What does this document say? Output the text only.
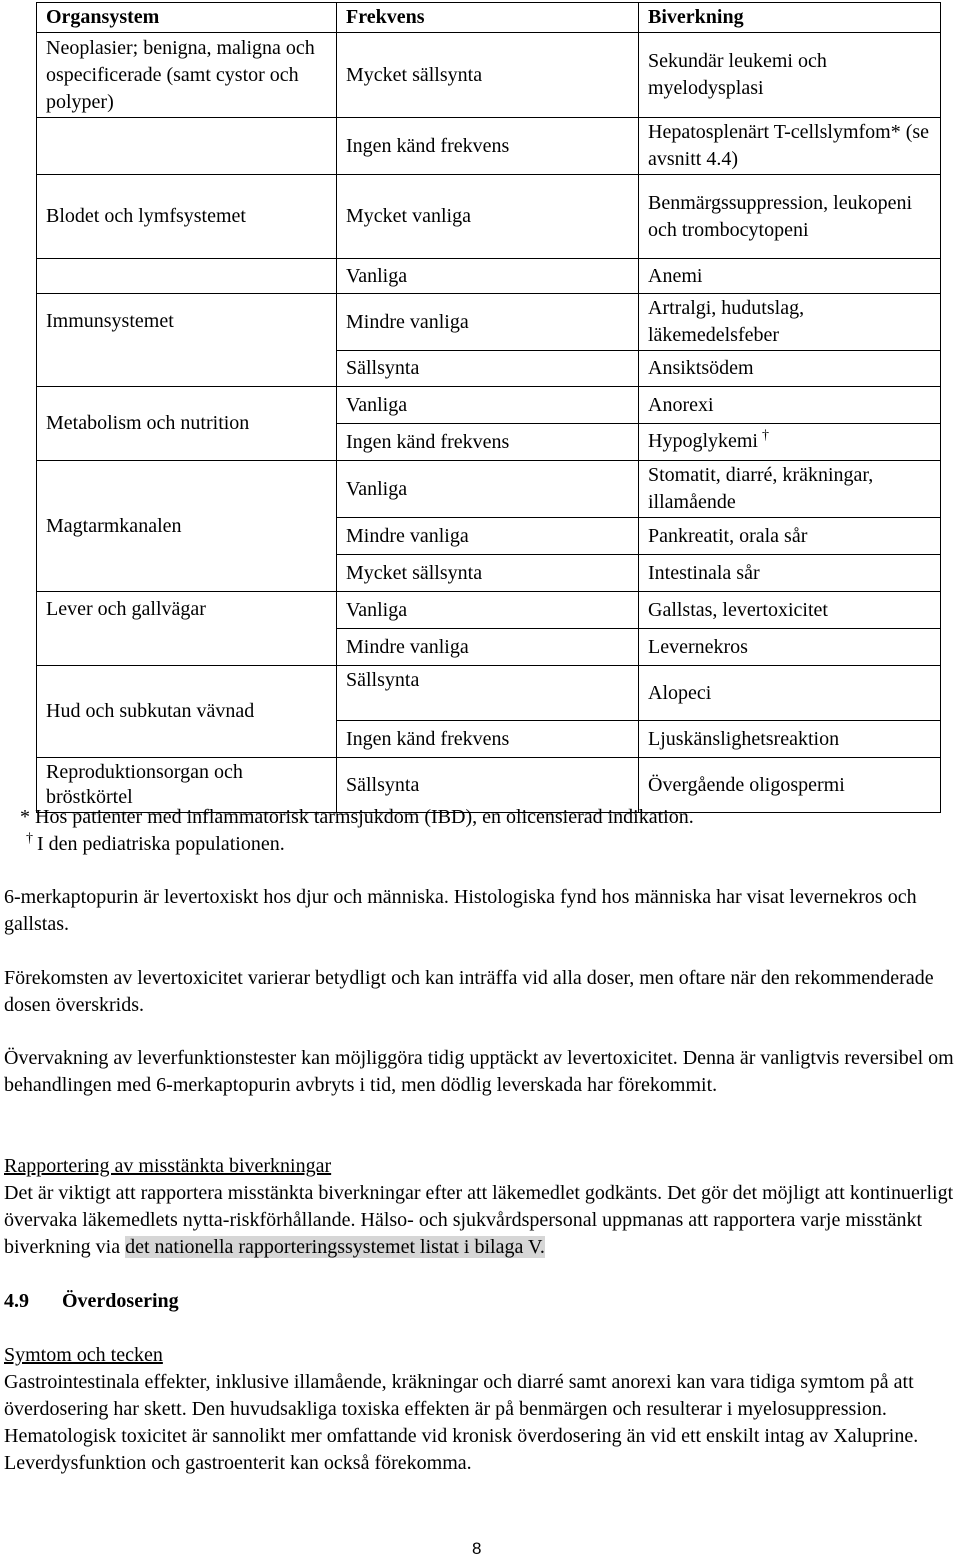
Organsystem	Frekvens	Biverkning
Neoplasier; benigna, maligna och ospecificerade (samt cystor och polyper)	Mycket sällsynta	Sekundär leukemi och myelodysplasi
	Ingen känd frekvens	Hepatosplenärt T-cellslymfom* (se avsnitt 4.4)
Blodet och lymfsystemet	Mycket vanliga	Benmärgssuppression, leukopeni och trombocytopeni
	Vanliga	Anemi
Immunsystemet	Mindre vanliga	Artralgi, hudutslag, läkemedelsfeber
	Sällsynta	Ansiktsödem
Metabolism och nutrition	Vanliga	Anorexi
	Ingen känd frekvens	Hypoglykemi †
Magtarmkanalen	Vanliga	Stomatit, diarré, kräkningar, illamående
	Mindre vanliga	Pankreatit, orala sår
	Mycket sällsynta	Intestinala sår
Lever och gallvägar	Vanliga	Gallstas, levertoxicitet
	Mindre vanliga	Levernekros
Hud och subkutan vävnad	Sällsynta	Alopeci
	Ingen känd frekvens	Ljuskänslighetsreaktion

Reproduktionsorgan och bröstkörtel	Sällsynta	Övergående oligospermi
* Hos patienter med inflammatorisk tarmsjukdom (IBD), en olicensierad indikation.
† I den pediatriska populationen.
6-merkaptopurin är levertoxiskt hos djur och människa. Histologiska fynd hos människa har visat levernekros och gallstas.
Förekomsten av levertoxicitet varierar betydligt och kan inträffa vid alla doser, men oftare när den rekommenderade dosen överskrids.
Övervakning av leverfunktionstester kan möjliggöra tidig upptäckt av levertoxicitet. Denna är vanligtvis reversibel om behandlingen med 6-merkaptopurin avbryts i tid, men dödlig leverskada har förekommit.
Rapportering av misstänkta biverkningar
Det är viktigt att rapportera misstänkta biverkningar efter att läkemedlet godkänts. Det gör det möjligt att kontinuerligt övervaka läkemedlets nytta-riskförhållande. Hälso- och sjukvårdspersonal uppmanas att rapportera varje misstänkt biverkning via det nationella rapporteringssystemet listat i bilaga V.
4.9 Överdosering
Symtom och tecken
Gastrointestinala effekter, inklusive illamående, kräkningar och diarré samt anorexi kan vara tidiga symtom på att överdosering har skett. Den huvudsakliga toxiska effekten är på benmärgen och resulterar i myelosuppression. Hematologisk toxicitet är sannolikt mer omfattande vid kronisk överdosering än vid ett enskilt intag av Xaluprine. Leverdysfunktion och gastroenterit kan också förekomma.
8
